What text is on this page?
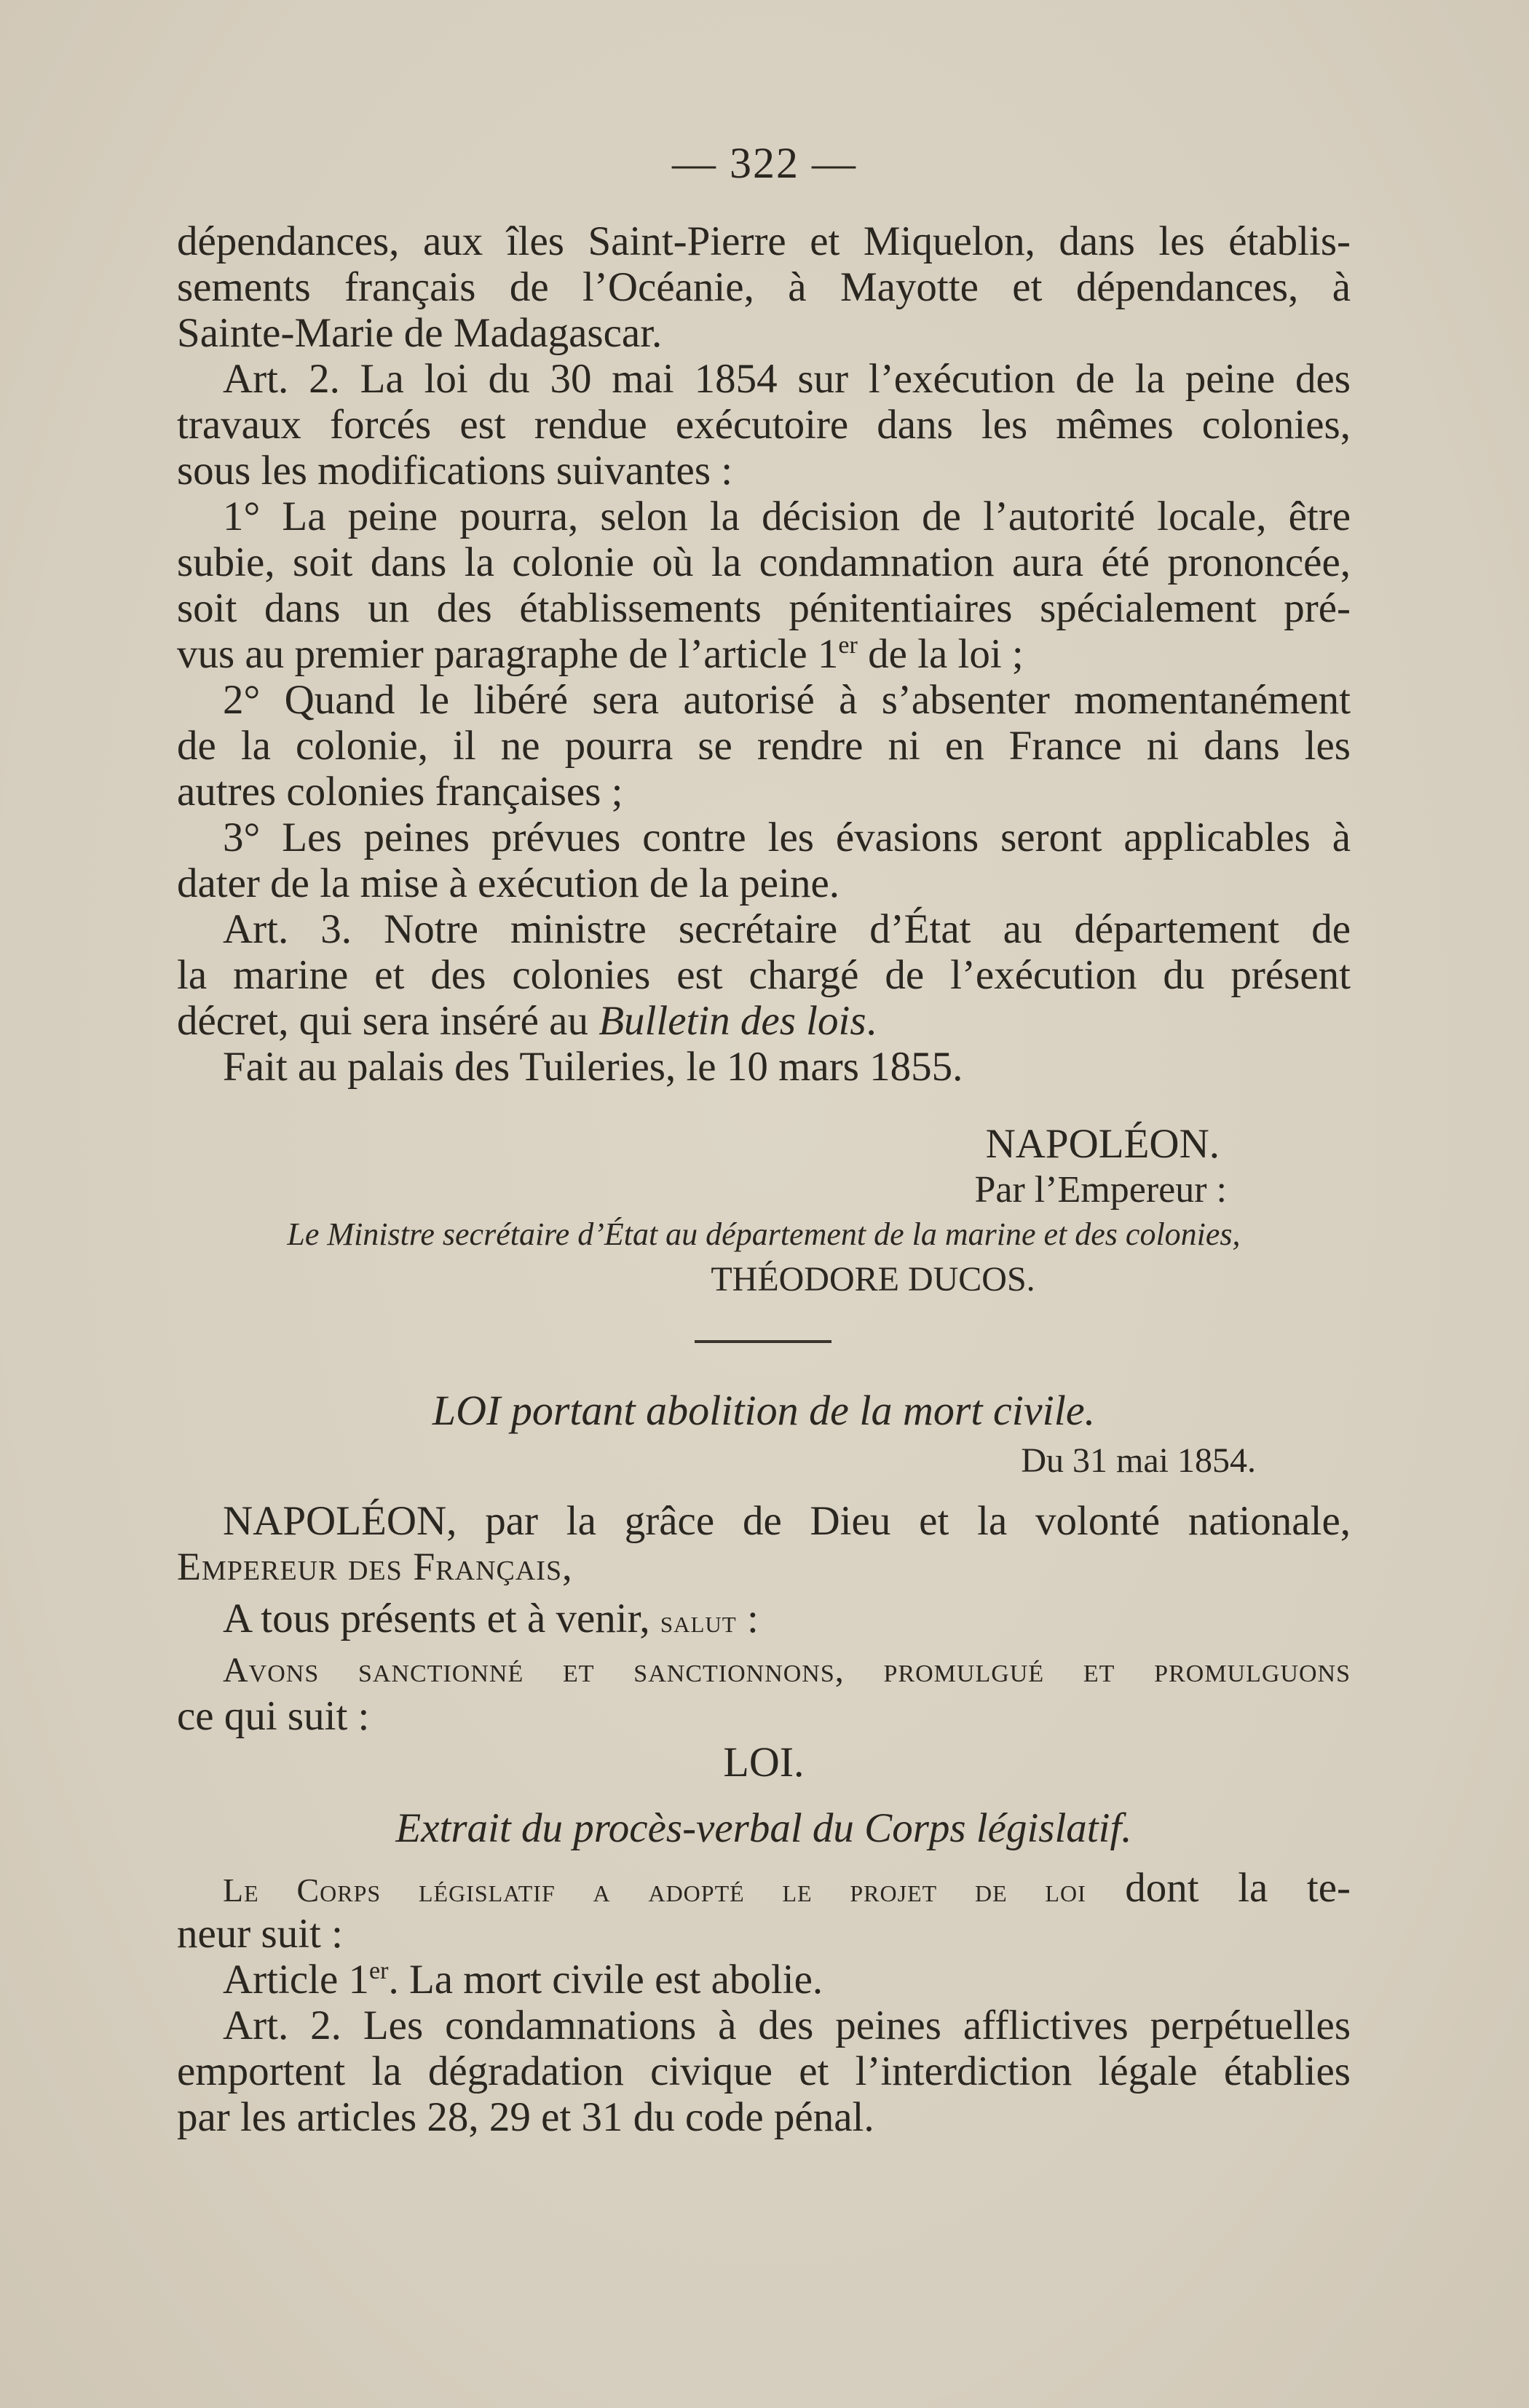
— 322 —
dépendances, aux îles Saint-Pierre et Miquelon, dans les établis-
sements français de l’Océanie, à Mayotte et dépendances, à
Sainte-Marie de Madagascar.
Art. 2. La loi du 30 mai 1854 sur l’exécution de la peine des
travaux forcés est rendue exécutoire dans les mêmes colonies,
sous les modifications suivantes :
1° La peine pourra, selon la décision de l’autorité locale, être
subie, soit dans la colonie où la condamnation aura été prononcée,
soit dans un des établissements pénitentiaires spécialement pré-
vus au premier paragraphe de l’article 1er de la loi ;
2° Quand le libéré sera autorisé à s’absenter momentanément
de la colonie, il ne pourra se rendre ni en France ni dans les
autres colonies françaises ;
3° Les peines prévues contre les évasions seront applicables à
dater de la mise à exécution de la peine.
Art. 3. Notre ministre secrétaire d’État au département de
la marine et des colonies est chargé de l’exécution du présent
décret, qui sera inséré au Bulletin des lois.
Fait au palais des Tuileries, le 10 mars 1855.
NAPOLÉON.
Par l’Empereur :
Le Ministre secrétaire d’État au département de la marine et des colonies,
THÉODORE DUCOS.
LOI portant abolition de la mort civile.
Du 31 mai 1854.
NAPOLÉON, par la grâce de Dieu et la volonté nationale,
Empereur des Français,
A tous présents et à venir, salut :
Avons sanctionné et sanctionnons, promulgué et promulguons
ce qui suit :
LOI.
Extrait du procès-verbal du Corps législatif.
Le Corps législatif a adopté le projet de loi dont la te-
neur suit :
Article 1er. La mort civile est abolie.
Art. 2. Les condamnations à des peines afflictives perpétuelles
emportent la dégradation civique et l’interdiction légale établies
par les articles 28, 29 et 31 du code pénal.
